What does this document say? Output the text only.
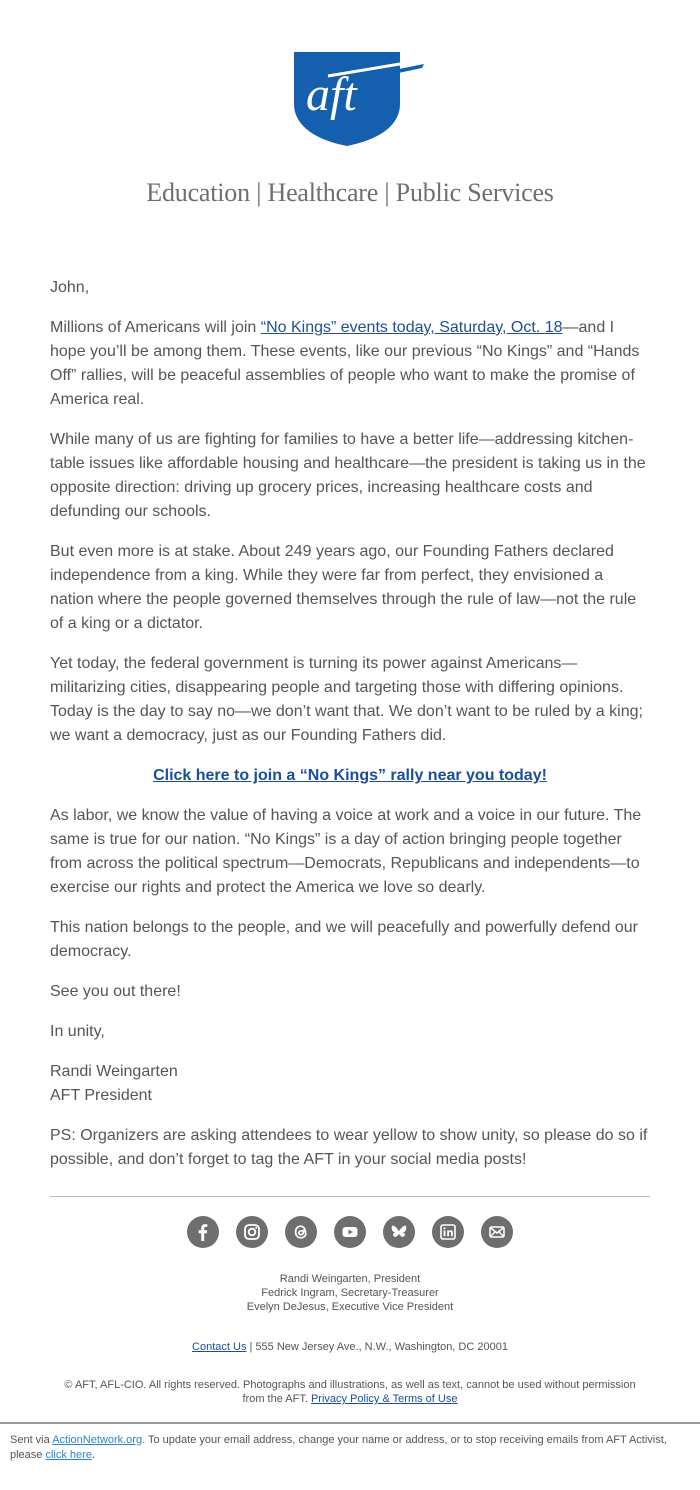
aft
Education | Healthcare | Public Services

John,

Millions of Americans will join “No Kings” events today, Saturday, Oct. 18—and I hope you’ll be among them. These events, like our previous “No Kings” and “Hands Off” rallies, will be peaceful assemblies of people who want to make the promise of America real.

While many of us are fighting for families to have a better life—addressing kitchen-table issues like affordable housing and healthcare—the president is taking us in the opposite direction: driving up grocery prices, increasing healthcare costs and defunding our schools.

But even more is at stake. About 249 years ago, our Founding Fathers declared independence from a king. While they were far from perfect, they envisioned a nation where the people governed themselves through the rule of law—not the rule of a king or a dictator.

Yet today, the federal government is turning its power against Americans—militarizing cities, disappearing people and targeting those with differing opinions. Today is the day to say no—we don’t want that. We don’t want to be ruled by a king; we want a democracy, just as our Founding Fathers did.

Click here to join a “No Kings” rally near you today!

As labor, we know the value of having a voice at work and a voice in our future. The same is true for our nation. “No Kings” is a day of action bringing people together from across the political spectrum—Democrats, Republicans and independents—to exercise our rights and protect the America we love so dearly.

This nation belongs to the people, and we will peacefully and powerfully defend our democracy.

See you out there!

In unity,

Randi Weingarten
AFT President

PS: Organizers are asking attendees to wear yellow to show unity, so please do so if possible, and don’t forget to tag the AFT in your social media posts!

Randi Weingarten, President
Fedrick Ingram, Secretary-Treasurer
Evelyn DeJesus, Executive Vice President
Contact Us | 555 New Jersey Ave., N.W., Washington, DC 20001
© AFT, AFL-CIO. All rights reserved. Photographs and illustrations, as well as text, cannot be used without permission from the AFT. Privacy Policy & Terms of Use
Sent via ActionNetwork.org. To update your email address, change your name or address, or to stop receiving emails from AFT Activist, please click here.
